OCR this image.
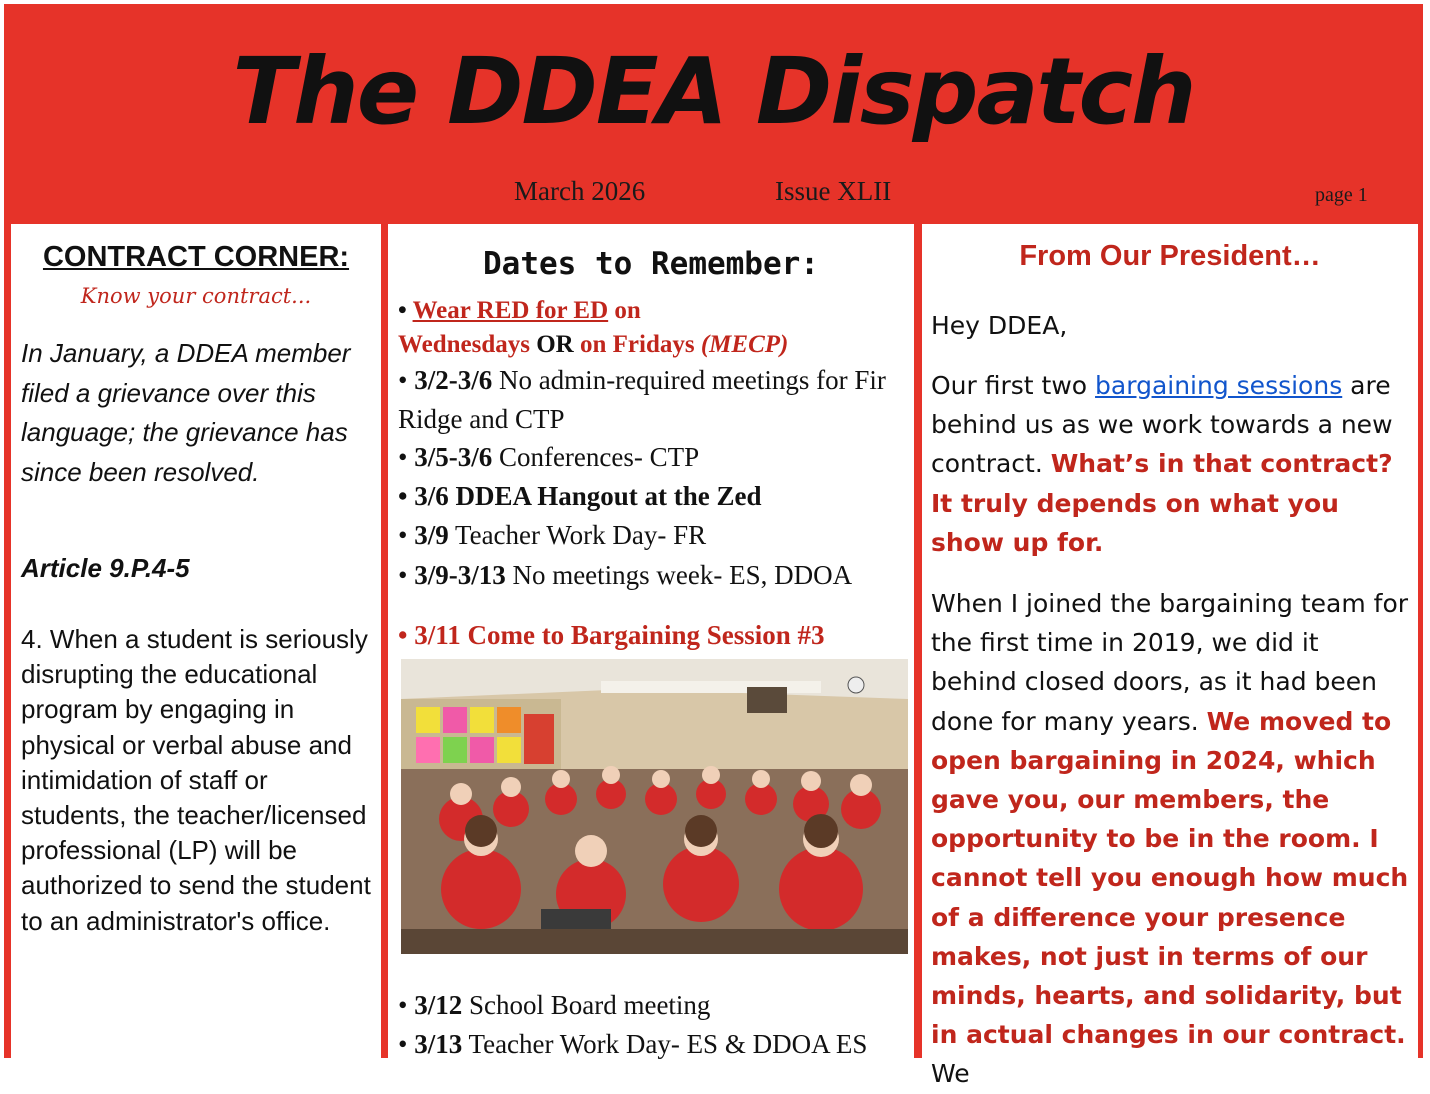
The DDEA Dispatch
March 2026	Issue XLII	page 1
CONTRACT CORNER:
Know your contract...
In January, a DDEA member filed a grievance over this language; the grievance has since been resolved.
Article 9.P.4-5
4. When a student is seriously disrupting the educational program by engaging in physical or verbal abuse and intimidation of staff or students, the teacher/licensed professional (LP) will be authorized to send the student to an administrator's office.
Dates to Remember:
• Wear RED for ED on
Wednesdays OR on Fridays (MECP)
• 3/2-3/6 No admin-required meetings for Fir Ridge and CTP
• 3/5-3/6 Conferences- CTP
• 3/6 DDEA Hangout at the Zed
• 3/9 Teacher Work Day- FR
• 3/9-3/13 No meetings week- ES, DDOA
• 3/11 Come to Bargaining Session #3
• 3/12 School Board meeting
• 3/13 Teacher Work Day- ES & DDOA ES
From Our President…
Hey DDEA,
Our first two bargaining sessions are behind us as we work towards a new contract. What’s in that contract? It truly depends on what you show up for.
When I joined the bargaining team for the first time in 2019, we did it behind closed doors, as it had been done for many years. We moved to open bargaining in 2024, which gave you, our members, the opportunity to be in the room. I cannot tell you enough how much of a difference your presence makes, not just in terms of our minds, hearts, and solidarity, but in actual changes in our contract. We
